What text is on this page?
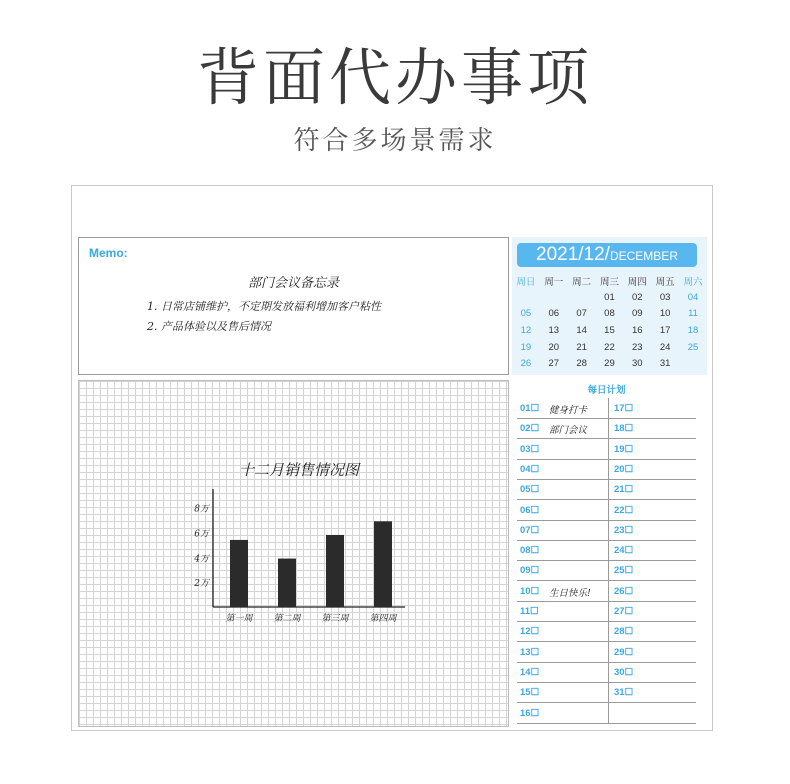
背面代办事项
符合多场景需求
Memo:
部门会议备忘录
1. 日常店铺维护，不定期发放福利增加客户粘性
2. 产品体验以及售后情况
十二月销售情况图
2万
4万
6万
8万
第一周 第二周 第三周 第四周
2021/12/DECEMBER
周日	周一	周二	周三	周四	周五	周六
			01	02	03	04
05	06	07	08	09	10	11
12	13	14	15	16	17	18
19	20	21	22	23	24	25
26	27	28	29	30	31	
每日计划
01☐ 健身打卡	17☐
02☐ 部门会议	18☐
03☐	19☐
04☐	20☐
05☐	21☐
06☐	22☐
07☐	23☐
08☐	24☐
09☐	25☐
10☐ 生日快乐! 26☐
11☐	27☐
12☐	28☐
13☐	29☐
14☐	30☐
15☐	31☐
16☐
